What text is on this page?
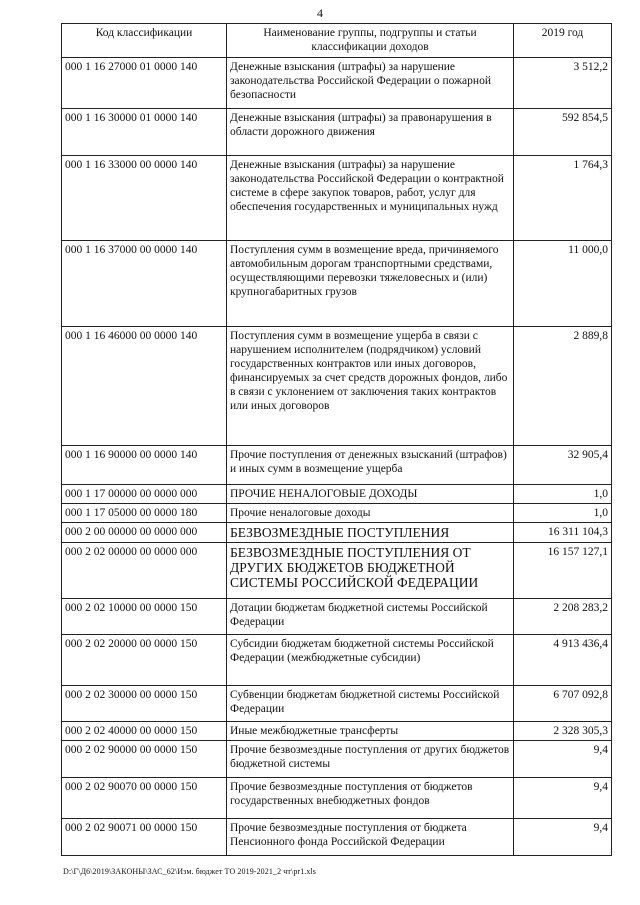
4
Код классификации	Наименование группы, подгруппы и статьи классификации доходов	2019 год
000 1 16 27000 01 0000 140	Денежные взыскания (штрафы) за нарушение законодательства Российской Федерации о пожарной безопасности	3 512,2
000 1 16 30000 01 0000 140	Денежные взыскания (штрафы) за правонарушения в области дорожного движения	592 854,5
000 1 16 33000 00 0000 140	Денежные взыскания (штрафы) за нарушение законодательства Российской Федерации о контрактной системе в сфере закупок товаров, работ, услуг для обеспечения государственных и муниципальных нужд	1 764,3
000 1 16 37000 00 0000 140	Поступления сумм в возмещение вреда, причиняемого автомобильным дорогам транспортными средствами, осуществляющими перевозки тяжеловесных и (или) крупногабаритных грузов	11 000,0
000 1 16 46000 00 0000 140	Поступления сумм в возмещение ущерба в связи с нарушением исполнителем (подрядчиком) условий государственных контрактов или иных договоров, финансируемых за счет средств дорожных фондов, либо в связи с уклонением от заключения таких контрактов или иных договоров	2 889,8
000 1 16 90000 00 0000 140	Прочие поступления от денежных взысканий (штрафов) и иных сумм в возмещение ущерба	32 905,4
000 1 17 00000 00 0000 000	ПРОЧИЕ НЕНАЛОГОВЫЕ ДОХОДЫ	1,0
000 1 17 05000 00 0000 180	Прочие неналоговые доходы	1,0
000 2 00 00000 00 0000 000	БЕЗВОЗМЕЗДНЫЕ ПОСТУПЛЕНИЯ	16 311 104,3
000 2 02 00000 00 0000 000	БЕЗВОЗМЕЗДНЫЕ ПОСТУПЛЕНИЯ ОТ ДРУГИХ БЮДЖЕТОВ БЮДЖЕТНОЙ СИСТЕМЫ РОССИЙСКОЙ ФЕДЕРАЦИИ	16 157 127,1
000 2 02 10000 00 0000 150	Дотации бюджетам бюджетной системы Российской Федерации	2 208 283,2
000 2 02 20000 00 0000 150	Субсидии бюджетам бюджетной системы Российской Федерации (межбюджетные субсидии)	4 913 436,4
000 2 02 30000 00 0000 150	Субвенции бюджетам бюджетной системы Российской Федерации	6 707 092,8
000 2 02 40000 00 0000 150	Иные межбюджетные трансферты	2 328 305,3
000 2 02 90000 00 0000 150	Прочие безвозмездные поступления от других бюджетов бюджетной системы	9,4
000 2 02 90070 00 0000 150	Прочие безвозмездные поступления от бюджетов государственных внебюджетных фондов	9,4
000 2 02 90071 00 0000 150	Прочие безвозмездные поступления от бюджета Пенсионного фонда Российской Федерации	9,4
D:\Г\Д6\2019\ЗАКОНЫ\ЗАС_62\Изм. бюджет ТО 2019-2021_2 чт\pr1.xls
